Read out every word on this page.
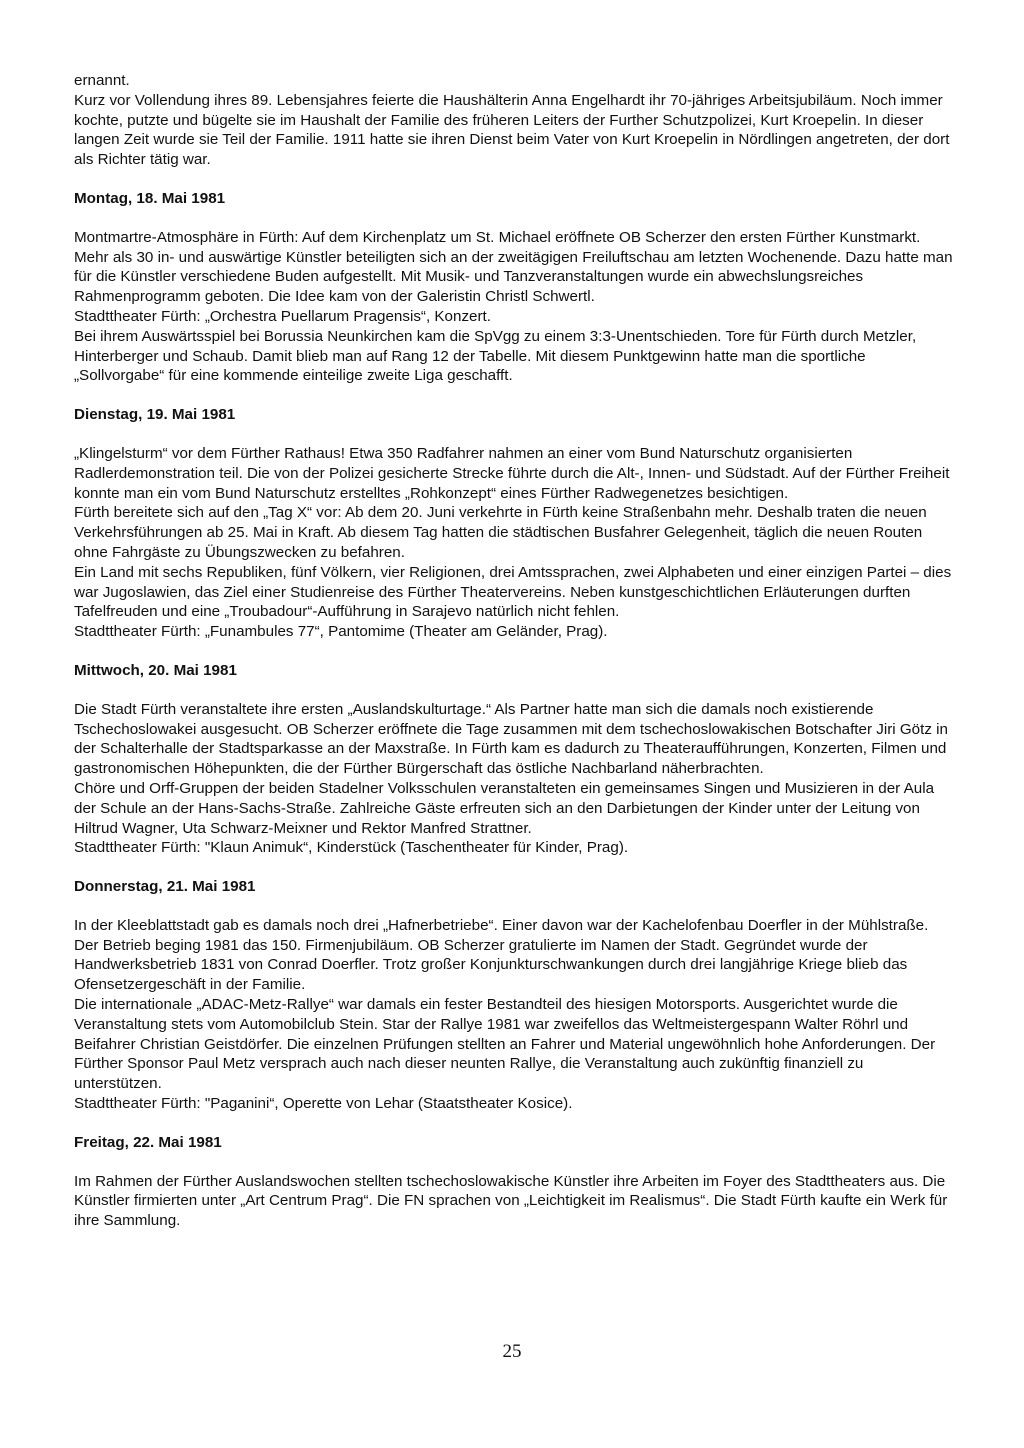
ernannt.

Kurz vor Vollendung ihres 89. Lebensjahres feierte die Haushälterin Anna Engelhardt ihr 70-jähriges Arbeitsjubiläum. Noch immer kochte, putzte und bügelte sie im Haushalt der Familie des früheren Leiters der Further Schutzpolizei, Kurt Kroepelin. In dieser langen Zeit wurde sie Teil der Familie. 1911 hatte sie ihren Dienst beim Vater von Kurt Kroepelin in Nördlingen angetreten, der dort als Richter tätig war.

Montag, 18. Mai 1981

Montmartre-Atmosphäre in Fürth: Auf dem Kirchenplatz um St. Michael eröffnete OB Scherzer den ersten Fürther Kunstmarkt. Mehr als 30 in- und auswärtige Künstler beteiligten sich an der zweitägigen Freiluftschau am letzten Wochenende. Dazu hatte man für die Künstler verschiedene Buden aufgestellt. Mit Musik- und Tanzveranstaltungen wurde ein abwechslungsreiches Rahmenprogramm geboten. Die Idee kam von der Galeristin Christl Schwertl.

Stadttheater Fürth: „Orchestra Puellarum Pragensis“, Konzert.

Bei ihrem Auswärtsspiel bei Borussia Neunkirchen kam die SpVgg zu einem 3:3-Unentschieden. Tore für Fürth durch Metzler, Hinterberger und Schaub. Damit blieb man auf Rang 12 der Tabelle. Mit diesem Punktgewinn hatte man die sportliche „Sollvorgabe“ für eine kommende einteilige zweite Liga geschafft.

Dienstag, 19. Mai 1981

„Klingelsturm“ vor dem Fürther Rathaus! Etwa 350 Radfahrer nahmen an einer vom Bund Naturschutz organisierten Radlerdemonstration teil. Die von der Polizei gesicherte Strecke führte durch die Alt-, Innen- und Südstadt. Auf der Fürther Freiheit konnte man ein vom Bund Naturschutz erstelltes „Rohkonzept“ eines Fürther Radwegenetzes besichtigen.

Fürth bereitete sich auf den „Tag X“ vor: Ab dem 20. Juni verkehrte in Fürth keine Straßenbahn mehr. Deshalb traten die neuen Verkehrsführungen ab 25. Mai in Kraft. Ab diesem Tag hatten die städtischen Busfahrer Gelegenheit, täglich die neuen Routen ohne Fahrgäste zu Übungszwecken zu befahren.

Ein Land mit sechs Republiken, fünf Völkern, vier Religionen, drei Amtssprachen, zwei Alphabeten und einer einzigen Partei – dies war Jugoslawien, das Ziel einer Studienreise des Fürther Theatervereins. Neben kunstgeschichtlichen Erläuterungen durften Tafelfreuden und eine „Troubadour“-Aufführung in Sarajevo natürlich nicht fehlen.

Stadttheater Fürth: „Funambules 77“, Pantomime (Theater am Geländer, Prag).

Mittwoch, 20. Mai 1981

Die Stadt Fürth veranstaltete ihre ersten „Auslandskulturtage.“ Als Partner hatte man sich die damals noch existierende Tschechoslowakei ausgesucht. OB Scherzer eröffnete die Tage zusammen mit dem tschechoslowakischen Botschafter Jiri Götz in der Schalterhalle der Stadtsparkasse an der Maxstraße. In Fürth kam es dadurch zu Theateraufführungen, Konzerten, Filmen und gastronomischen Höhepunkten, die der Fürther Bürgerschaft das östliche Nachbarland näherbrachten.

Chöre und Orff-Gruppen der beiden Stadelner Volksschulen veranstalteten ein gemeinsames Singen und Musizieren in der Aula der Schule an der Hans-Sachs-Straße. Zahlreiche Gäste erfreuten sich an den Darbietungen der Kinder unter der Leitung von Hiltrud Wagner, Uta Schwarz-Meixner und Rektor Manfred Strattner.

Stadttheater Fürth: "Klaun Animuk“, Kinderstück (Taschentheater für Kinder, Prag).

Donnerstag, 21. Mai 1981

In der Kleeblattstadt gab es damals noch drei „Hafnerbetriebe“. Einer davon war der Kachelofenbau Doerfler in der Mühlstraße. Der Betrieb beging 1981 das 150. Firmenjubiläum. OB Scherzer gratulierte im Namen der Stadt. Gegründet wurde der Handwerksbetrieb 1831 von Conrad Doerfler. Trotz großer Konjunkturschwankungen durch drei langjährige Kriege blieb das Ofensetzergeschäft in der Familie.

Die internationale „ADAC-Metz-Rallye“ war damals ein fester Bestandteil des hiesigen Motorsports. Ausgerichtet wurde die Veranstaltung stets vom Automobilclub Stein. Star der Rallye 1981 war zweifellos das Weltmeistergespann Walter Röhrl und Beifahrer Christian Geistdörfer. Die einzelnen Prüfungen stellten an Fahrer und Material ungewöhnlich hohe Anforderungen. Der Fürther Sponsor Paul Metz versprach auch nach dieser neunten Rallye, die Veranstaltung auch zukünftig finanziell zu unterstützen.

Stadttheater Fürth: "Paganini“, Operette von Lehar (Staatstheater Kosice).

Freitag, 22. Mai 1981

Im Rahmen der Fürther Auslandswochen stellten tschechoslowakische Künstler ihre Arbeiten im Foyer des Stadttheaters aus. Die Künstler firmierten unter „Art Centrum Prag“. Die FN sprachen von „Leichtigkeit im Realismus“. Die Stadt Fürth kaufte ein Werk für ihre Sammlung.

25
